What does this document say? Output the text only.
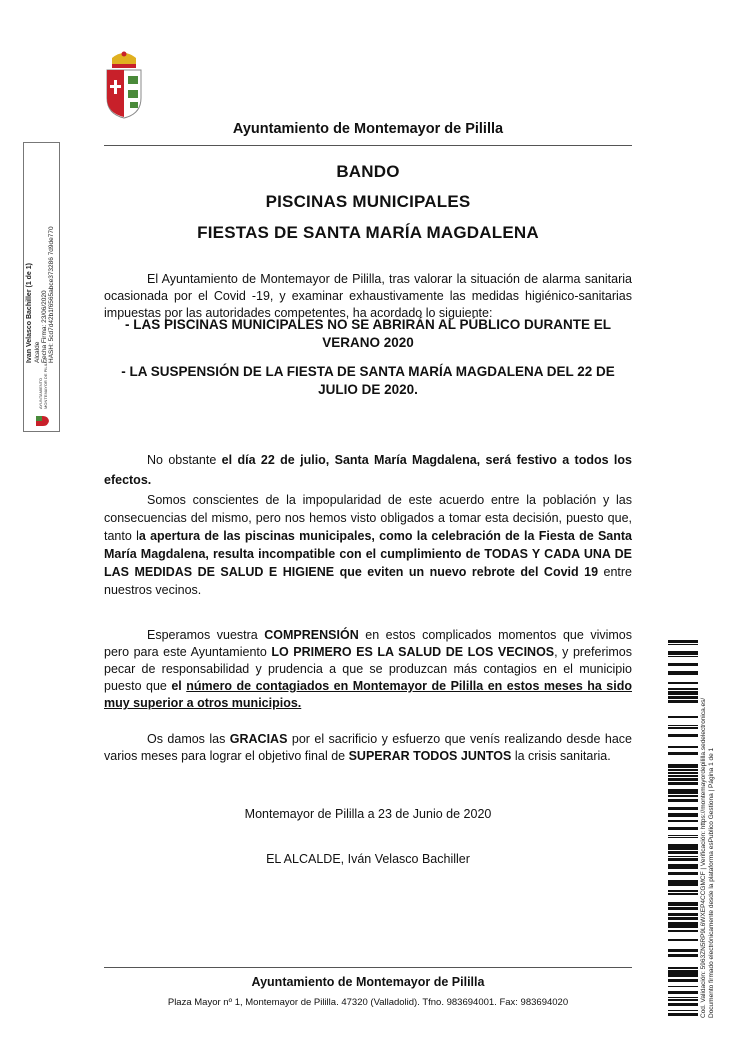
Ayuntamiento de Montemayor de Pililla
BANDO
PISCINAS MUNICIPALES
FIESTAS DE SANTA MARÍA MAGDALENA
El Ayuntamiento de Montemayor de Pililla, tras valorar la situación de alarma sanitaria ocasionada por el Covid -19, y examinar exhaustivamente las medidas higiénico-sanitarias impuestas por las autoridades competentes, ha acordado lo siguiente:
- LAS PISCINAS MUNICIPALES NO SE ABRIRÁN AL PÚBLICO DURANTE EL VERANO 2020
- LA SUSPENSIÓN DE LA FIESTA DE SANTA MARÍA MAGDALENA DEL 22 DE JULIO DE 2020.
No obstante el día 22 de julio, Santa María Magdalena, será festivo a todos los efectos.
Somos conscientes de la impopularidad de este acuerdo entre la población y las consecuencias del mismo, pero nos hemos visto obligados a tomar esta decisión, puesto que, tanto la apertura de las piscinas municipales, como la celebración de la Fiesta de Santa María Magdalena, resulta incompatible con el cumplimiento de TODAS Y CADA UNA DE LAS MEDIDAS DE SALUD E HIGIENE que eviten un nuevo rebrote del Covid 19 entre nuestros vecinos.
Esperamos vuestra COMPRENSIÓN en estos complicados momentos que vivimos pero para este Ayuntamiento LO PRIMERO ES LA SALUD DE LOS VECINOS, y preferimos pecar de responsabilidad y prudencia a que se produzcan más contagios en el municipio puesto que el número de contagiados en Montemayor de Pililla en estos meses ha sido muy superior a otros municipios.
Os damos las GRACIAS por el sacrificio y esfuerzo que venís realizando desde hace varios meses para lograr el objetivo final de SUPERAR TODOS JUNTOS la crisis sanitaria.
Montemayor de Pililla a 23 de Junio de 2020
EL ALCALDE, Iván Velasco Bachiller
Ayuntamiento de Montemayor de Pililla
Plaza Mayor nº 1, Montemayor de Pililla. 47320 (Valladolid). Tfno. 983694001. Fax: 983694020
AYUNTAMIENTO
MONTEMAYOR DE PILILLA
Ivan Velasco Bachiller (1 de 1) Alcalde Fecha Firma: 23/06/2020 HASH: 5cd7d42b1f6565abce373286 7d9de770
Cod. Validación: 5963ZN5RP9L6WXEP4CCGMCF | Verificación: https://montemayordepililla.sedelectronica.es/ Documento firmado electrónicamente desde la plataforma esPublico Gestiona | Página 1 de 1
